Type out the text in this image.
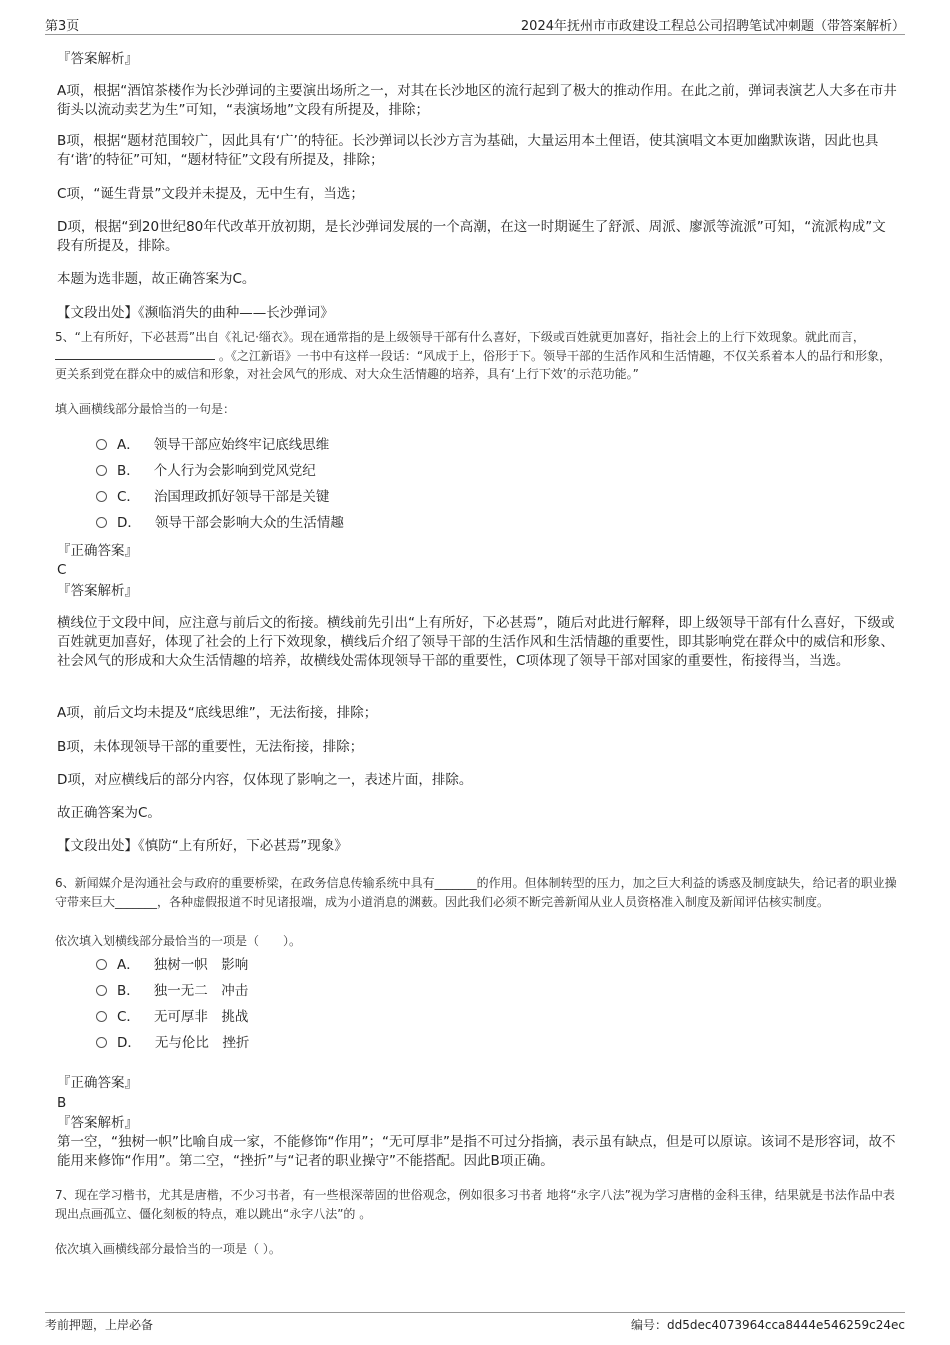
第3页	2024年抚州市市政建设工程总公司招聘笔试冲刺题（带答案解析）
『答案解析』
A项，根据“酒馆茶楼作为长沙弹词的主要演出场所之一，对其在长沙地区的流行起到了极大的推动作用。在此之前，弹词表演艺人大多在市井街头以流动卖艺为生”可知，“表演场地”文段有所提及，排除；
B项，根据“题材范围较广，因此具有‘广’的特征。长沙弹词以长沙方言为基础，大量运用本土俚语，使其演唱文本更加幽默诙谐，因此也具有‘谐’的特征”可知，“题材特征”文段有所提及，排除；
C项，“诞生背景”文段并未提及，无中生有，当选；
D项，根据“到20世纪80年代改革开放初期，是长沙弹词发展的一个高潮，在这一时期诞生了舒派、周派、廖派等流派”可知，“流派构成”文段有所提及，排除。
本题为选非题，故正确答案为C。
【文段出处】《濒临消失的曲种——长沙弹词》
5、“上有所好，下必甚焉”出自《礼记·缁衣》。现在通常指的是上级领导干部有什么喜好，下级或百姓就更加喜好，指社会上的上行下效现象。就此而言，  。《之江新语》一书中有这样一段话：“风成于上，俗形于下。领导干部的生活作风和生活情趣，不仅关系着本人的品行和形象，更关系到党在群众中的威信和形象，对社会风气的形成、对大众生活情趣的培养，具有‘上行下效’的示范功能。”
填入画横线部分最恰当的一句是：
A． 领导干部应始终牢记底线思维
B． 个人行为会影响到党风党纪
C． 治国理政抓好领导干部是关键
D． 领导干部会影响大众的生活情趣
『正确答案』
C
『答案解析』
横线位于文段中间，应注意与前后文的衔接。横线前先引出“上有所好，下必甚焉”，随后对此进行解释，即上级领导干部有什么喜好，下级或百姓就更加喜好，体现了社会的上行下效现象，横线后介绍了领导干部的生活作风和生活情趣的重要性，即其影响党在群众中的威信和形象、社会风气的形成和大众生活情趣的培养，故横线处需体现领导干部的重要性，C项体现了领导干部对国家的重要性，衔接得当，当选。
A项，前后文均未提及“底线思维”，无法衔接，排除；
B项，未体现领导干部的重要性，无法衔接，排除；
D项，对应横线后的部分内容，仅体现了影响之一，表述片面，排除。
故正确答案为C。
【文段出处】《慎防“上有所好，下必甚焉”现象》
6、新闻媒介是沟通社会与政府的重要桥梁，在政务信息传输系统中具有_______的作用。但体制转型的压力，加之巨大利益的诱惑及制度缺失，给记者的职业操守带来巨大_______，各种虚假报道不时见诸报端，成为小道消息的渊薮。因此我们必须不断完善新闻从业人员资格准入制度及新闻评估核实制度。
依次填入划横线部分最恰当的一项是（　　）。
A． 独树一帜　影响
B． 独一无二　冲击
C． 无可厚非　挑战
D． 无与伦比　挫折
『正确答案』
B
『答案解析』
第一空，“独树一帜”比喻自成一家，不能修饰“作用”；“无可厚非”是指不可过分指摘，表示虽有缺点，但是可以原谅。该词不是形容词，故不能用来修饰“作用”。第二空，“挫折”与“记者的职业操守”不能搭配。因此B项正确。
7、现在学习楷书，尤其是唐楷，不少习书者，有一些根深蒂固的世俗观念，例如很多习书者 地将“永字八法”视为学习唐楷的金科玉律，结果就是书法作品中表现出点画孤立、僵化刻板的特点，难以跳出“永字八法”的 。
依次填入画横线部分最恰当的一项是（ ）。
考前押题，上岸必备	编号：dd5dec4073964cca8444e546259c24ec
